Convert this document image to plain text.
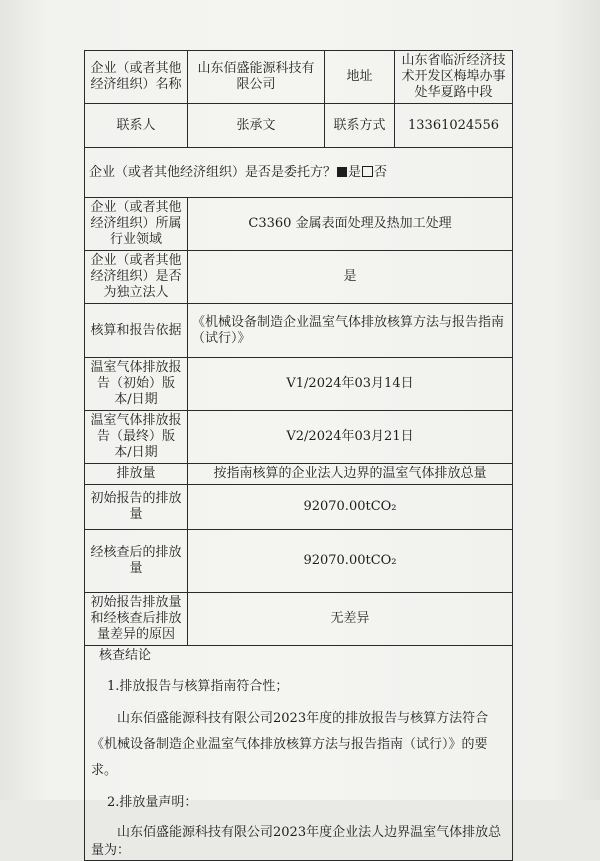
企业（或者其他经济组织）名称	山东佰盛能源科技有限公司	地址	山东省临沂经济技术开发区梅埠办事处华夏路中段
联系人	张承文	联系方式	13361024556
企业（或者其他经济组织）是否是委托方？ 是 否			
企业（或者其他经济组织）所属行业领域	C3360 金属表面处理及热加工处理		
企业（或者其他经济组织）是否为独立法人	是		
核算和报告依据	《机械设备制造企业温室气体排放核算方法与报告指南（试行）》		
温室气体排放报告（初始）版本/日期	V1/2024年03月14日		
温室气体排放报告（最终）版本/日期	V2/2024年03月21日		
排放量	按指南核算的企业法人边界的温室气体排放总量		
初始报告的排放量	92070.00tCO₂		
经核查后的排放量	92070.00tCO₂		
初始报告排放量和经核查后排放量差异的原因	无差异		

核查结论
1.排放报告与核算指南符合性；
山东佰盛能源科技有限公司2023年度的排放报告与核算方法符合《机械设备制造企业温室气体排放核算方法与报告指南（试行）》的要求。
2.排放量声明：
山东佰盛能源科技有限公司2023年度企业法人边界温室气体排放总量为：			
